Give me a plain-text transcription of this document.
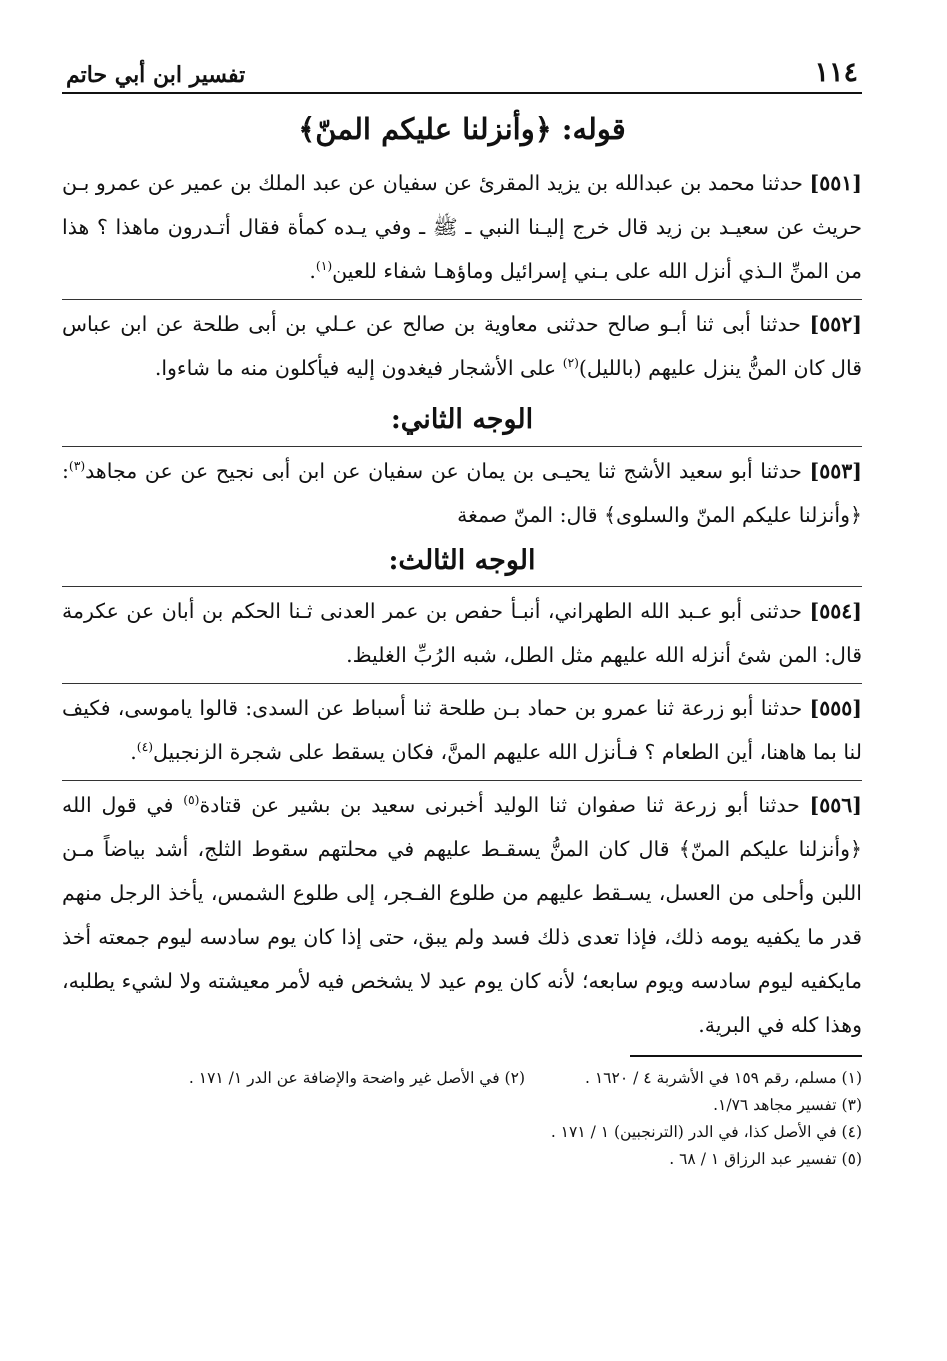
١١٤
تفسير ابن أبي حاتم
قوله: ﴿وأنزلنا عليكم المنّ﴾

[٥٥١] حدثنا محمد بن عبدالله بن يزيد المقرئ عن سفيان عن عبد الملك بن عمير عن عمرو بـن حريث عن سعيـد بن زيد قال خرج إليـنا النبي ـ ﷺ ـ وفي يـده كمأة فقال أتـدرون ماهذا ؟ هذا من المنِّ الـذي أنزل الله على بـني إسرائيل وماؤهـا شفاء للعين$^{(١)}$.

[٥٥٢] حدثنا أبى ثنا أبـو صالح حدثنى معاوية بن صالح عن عـلي بن أبى طلحة عن ابن عباس قال كان المنُّ ينزل عليهم (بالليل)$^{(٢)}$ على الأشجار فيغدون إليه فيأكلون منه ما شاءوا.

الوجه الثاني:

[٥٥٣] حدثنا أبو سعيد الأشج ثنا يحيـى بن يمان عن سفيان عن ابن أبى نجيح عن عن مجاهد$^{(٣)}$: ﴿وأنزلنا عليكم المنّ والسلوى﴾ قال: المنّ صمغة

الوجه الثالث:

[٥٥٤] حدثنى أبو عـبد الله الطهراني، أنبـأ حفص بن عمر العدنى ثـنا الحكم بن أبان عن عكرمة قال: المن شئ أنزله الله عليهم مثل الطل، شبه الرُبِّ الغليظ.

[٥٥٥] حدثنا أبو زرعة ثنا عمرو بن حماد بـن طلحة ثنا أسباط عن السدى: قالوا ياموسى، فكيف لنا بما هاهنا، أين الطعام ؟ فـأنزل الله عليهم المنَّ، فكان يسقط على شجرة الزنجبيل$^{(٤)}$.

[٥٥٦] حدثنا أبو زرعة ثنا صفوان ثنا الوليد أخبرنى سعيد بن بشير عن قتادة$^{(٥)}$ في قول الله ﴿وأنزلنا عليكم المنّ﴾ قال كان المنُّ يسقـط عليهم في محلتهم سقوط الثلج، أشد بياضاً مـن اللبن وأحلى من العسل، يسـقط عليهم من طلوع الفـجر، إلى طلوع الشمس، يأخذ الرجل منهم قدر ما يكفيه يومه ذلك، فإذا تعدى ذلك فسد ولم يبق، حتى إذا كان يوم سادسه ليوم جمعته أخذ مايكفيه ليوم سادسه ويوم سابعه؛ لأنه كان يوم عيد لا يشخص فيه لأمر معيشته ولا لشيء يطلبه، وهذا كله في البرية.

(١) مسلم، رقم ١٥٩ في الأشربة ٤ / ١٦٢٠ .
(٢) في الأصل غير واضحة والإضافة عن الدر ١/ ١٧١ .
(٣) تفسير مجاهد ١/٧٦.
(٤) في الأصل كذا، في الدر (الترنجبين) ١ / ١٧١ .
(٥) تفسير عبد الرزاق ١ / ٦٨ .
